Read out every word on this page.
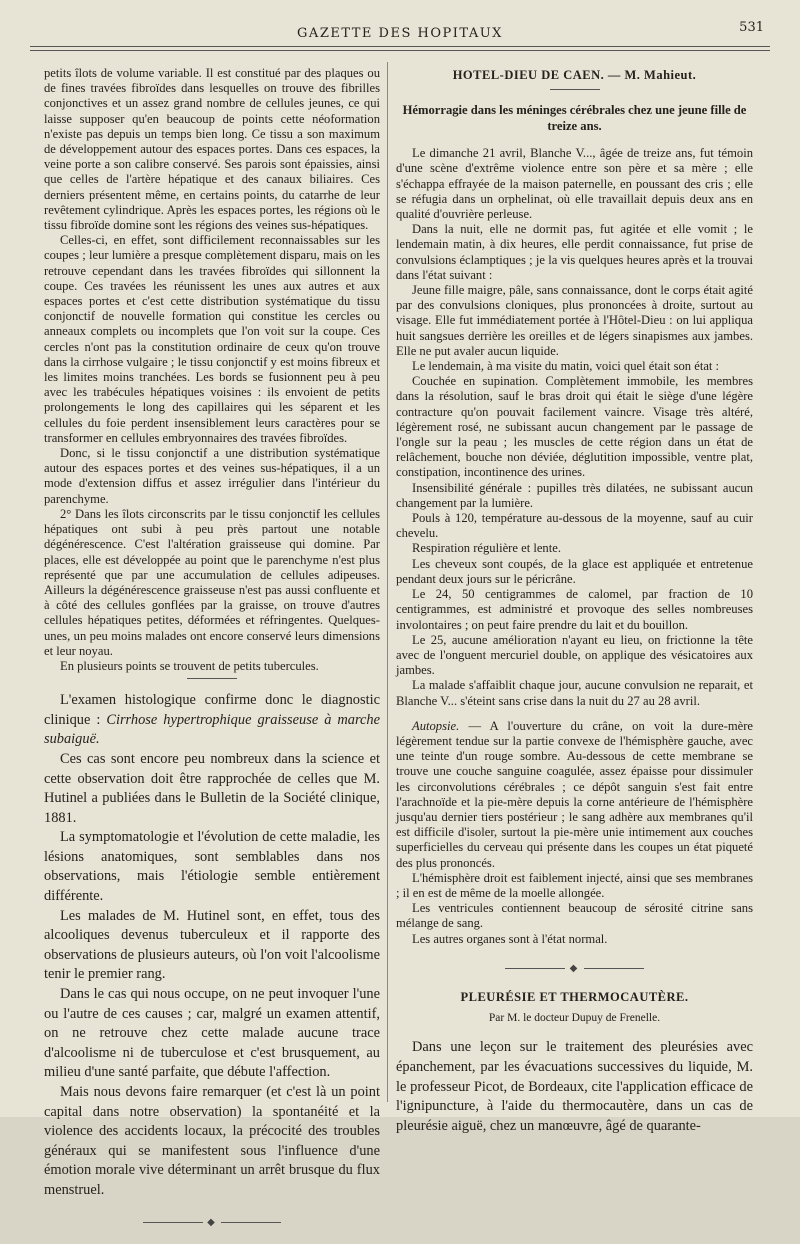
GAZETTE DES HOPITAUX	531

petits îlots de volume variable. Il est constitué par des plaques ou de fines travées fibroïdes dans lesquelles on trouve des fibrilles conjonctives et un assez grand nombre de cellules jeunes, ce qui laisse supposer qu'en beaucoup de points cette néoformation n'existe pas depuis un temps bien long. Ce tissu a son maximum de développement autour des espaces portes. Dans ces espaces, la veine porte a son calibre conservé. Ses parois sont épaissies, ainsi que celles de l'artère hépatique et des canaux biliaires. Ces derniers présentent même, en certains points, du catarrhe de leur revêtement cylindrique. Après les espaces portes, les régions où le tissu fibroïde domine sont les régions des veines sus-hépatiques.

Celles-ci, en effet, sont difficilement reconnaissables sur les coupes ; leur lumière a presque complètement disparu, mais on les retrouve cependant dans les travées fibroïdes qui sillonnent la coupe. Ces travées les réunissent les unes aux autres et aux espaces portes et c'est cette distribution systématique du tissu conjonctif de nouvelle formation qui constitue les cercles ou anneaux complets ou incomplets que l'on voit sur la coupe. Ces cercles n'ont pas la constitution ordinaire de ceux qu'on trouve dans la cirrhose vulgaire ; le tissu conjonctif y est moins fibreux et les limites moins tranchées. Les bords se fusionnent peu à peu avec les trabécules hépatiques voisines : ils envoient de petits prolongements le long des capillaires qui les séparent et les cellules du foie perdent insensiblement leurs caractères pour se transformer en cellules embryonnaires des travées fibroïdes.

Donc, si le tissu conjonctif a une distribution systématique autour des espaces portes et des veines sus-hépatiques, il a un mode d'extension diffus et assez irrégulier dans l'intérieur du parenchyme.

2° Dans les îlots circonscrits par le tissu conjonctif les cellules hépatiques ont subi à peu près partout une notable dégénérescence. C'est l'altération graisseuse qui domine. Par places, elle est développée au point que le parenchyme n'est plus représenté que par une accumulation de cellules adipeuses. Ailleurs la dégénérescence graisseuse n'est pas aussi confluente et à côté des cellules gonflées par la graisse, on trouve d'autres cellules hépatiques petites, déformées et réfringentes. Quelques-unes, un peu moins malades ont encore conservé leurs dimensions et leur noyau.

En plusieurs points se trouvent de petits tubercules.

L'examen histologique confirme donc le diagnostic clinique : Cirrhose hypertrophique graisseuse à marche subaiguë.

Ces cas sont encore peu nombreux dans la science et cette observation doit être rapprochée de celles que M. Hutinel a publiées dans le Bulletin de la Société clinique, 1881.

La symptomatologie et l'évolution de cette maladie, les lésions anatomiques, sont semblables dans nos observations, mais l'étiologie semble entièrement différente.

Les malades de M. Hutinel sont, en effet, tous des alcooliques devenus tuberculeux et il rapporte des observations de plusieurs auteurs, où l'on voit l'alcoolisme tenir le premier rang.

Dans le cas qui nous occupe, on ne peut invoquer l'une ou l'autre de ces causes ; car, malgré un examen attentif, on ne retrouve chez cette malade aucune trace d'alcoolisme ni de tuberculose et c'est brusquement, au milieu d'une santé parfaite, que débute l'affection.

Mais nous devons faire remarquer (et c'est là un point capital dans notre observation) la spontanéité et la violence des accidents locaux, la précocité des troubles généraux qui se manifestent sous l'influence d'une émotion morale vive déterminant un arrêt brusque du flux menstruel.

◆
HOTEL-DIEU DE CAEN. — M. Mahieut.
Hémorragie dans les méninges cérébrales chez une jeune fille de treize ans.

Le dimanche 21 avril, Blanche V..., âgée de treize ans, fut témoin d'une scène d'extrême violence entre son père et sa mère ; elle s'échappa effrayée de la maison paternelle, en poussant des cris ; elle se réfugia dans un orphelinat, où elle travaillait depuis deux ans en qualité d'ouvrière perleuse.

Dans la nuit, elle ne dormit pas, fut agitée et elle vomit ; le lendemain matin, à dix heures, elle perdit connaissance, fut prise de convulsions éclamptiques ; je la vis quelques heures après et la trouvai dans l'état suivant :

Jeune fille maigre, pâle, sans connaissance, dont le corps était agité par des convulsions cloniques, plus prononcées à droite, surtout au visage. Elle fut immédiatement portée à l'Hôtel-Dieu : on lui appliqua huit sangsues derrière les oreilles et de légers sinapismes aux jambes. Elle ne put avaler aucun liquide.

Le lendemain, à ma visite du matin, voici quel était son état :

Couchée en supination. Complètement immobile, les membres dans la résolution, sauf le bras droit qui était le siège d'une légère contracture qu'on pouvait facilement vaincre. Visage très altéré, légèrement rosé, ne subissant aucun changement par le passage de l'ongle sur la peau ; les muscles de cette région dans un état de relâchement, bouche non déviée, déglutition impossible, ventre plat, constipation, incontinence des urines.

Insensibilité générale : pupilles très dilatées, ne subissant aucun changement par la lumière.

Pouls à 120, température au-dessous de la moyenne, sauf au cuir chevelu.

Respiration régulière et lente.

Les cheveux sont coupés, de la glace est appliquée et entretenue pendant deux jours sur le péricrâne.

Le 24, 50 centigrammes de calomel, par fraction de 10 centigrammes, est administré et provoque des selles nombreuses involontaires ; on peut faire prendre du lait et du bouillon.

Le 25, aucune amélioration n'ayant eu lieu, on frictionne la tête avec de l'onguent mercuriel double, on applique des vésicatoires aux jambes.

La malade s'affaiblit chaque jour, aucune convulsion ne reparait, et Blanche V... s'éteint sans crise dans la nuit du 27 au 28 avril.

Autopsie. — A l'ouverture du crâne, on voit la dure-mère légèrement tendue sur la partie convexe de l'hémisphère gauche, avec une teinte d'un rouge sombre. Au-dessous de cette membrane se trouve une couche sanguine coagulée, assez épaisse pour dissimuler les circonvolutions cérébrales ; ce dépôt sanguin s'est fait entre l'arachnoïde et la pie-mère depuis la corne antérieure de l'hémisphère jusqu'au dernier tiers postérieur ; le sang adhère aux membranes qu'il est difficile d'isoler, surtout la pie-mère unie intimement aux couches superficielles du cerveau qui présente dans les coupes un état piqueté des plus prononcés.

L'hémisphère droit est faiblement injecté, ainsi que ses membranes ; il en est de même de la moelle allongée.

Les ventricules contiennent beaucoup de sérosité citrine sans mélange de sang.

Les autres organes sont à l'état normal.

◆
PLEURÉSIE ET THERMOCAUTÈRE.
Par M. le docteur Dupuy de Frenelle.

Dans une leçon sur le traitement des pleurésies avec épanchement, par les évacuations successives du liquide, M. le professeur Picot, de Bordeaux, cite l'application efficace de l'ignipuncture, à l'aide du thermocautère, dans un cas de pleurésie aiguë, chez un manœuvre, âgé de quarante-
